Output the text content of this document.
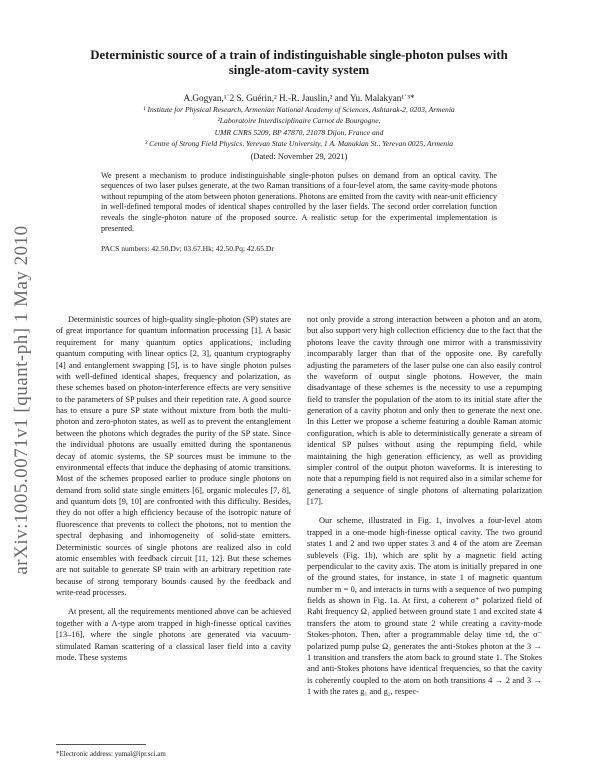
arXiv:1005.0071v1 [quant-ph] 1 May 2010
Deterministic source of a train of indistinguishable single-photon pulses with single-atom-cavity system
A.Gogyan,¹˙2 S. Guérin,² H.-R. Jauslin,² and Yu. Malakyan¹˙³*
¹ Institute for Physical Research, Armenian National Academy of Sciences, Ashtarak-2, 0203, Armenia
²Laboratoire Interdisciplinaire Carnot de Bourgogne,
UMR CNRS 5209, BP 47870, 21078 Dijon, France and
³ Centre of Strong Field Physics, Yerevan State University, 1 A. Manukian St., Yerevan 0025, Armenia
(Dated: November 29, 2021)
We present a mechanism to produce indistinguishable single-photon pulses on demand from an optical cavity. The sequences of two laser pulses generate, at the two Raman transitions of a four-level atom, the same cavity-mode photons without repumping of the atom between photon generations. Photons are emitted from the cavity with near-unit efficiency in well-defined temporal modes of identical shapes controlled by the laser fields. The second order correlation function reveals the single-photon nature of the proposed source. A realistic setup for the experimental implementation is presented.
PACS numbers: 42.50.Dv; 03.67.Hk; 42.50.Pq; 42.65.Dr

Deterministic sources of high-quality single-photon (SP) states are of great importance for quantum information processing [1]. A basic requirement for many quantum optics applications, including quantum computing with linear optics [2, 3], quantum cryptography [4] and entanglement swapping [5], is to have single photon pulses with well-defined identical shapes, frequency and polarization, as these schemes based on photon-interference effects are very sensitive to the parameters of SP pulses and their repetition rate. A good source has to ensure a pure SP state without mixture from both the multi-photon and zero-photon states, as well as to prevent the entanglement between the photons which degrades the purity of the SP state. Since the individual photons are usually emitted during the spontaneous decay of atomic systems, the SP sources must be immune to the environmental effects that induce the dephasing of atomic transitions. Most of the schemes proposed earlier to produce single photons on demand from solid state single emitters [6], organic molecules [7, 8], and quantum dots [9, 10] are confronted with this difficulty. Besides, they do not offer a high efficiency because of the isotropic nature of fluorescence that prevents to collect the photons, not to mention the spectral dephasing and inhomogeneity of solid-state emitters. Deterministic sources of single photons are realized also in cold atomic ensembles with feedback circuit [11, 12]. But these schemes are not suitable to generate SP train with an arbitrary repetition rate because of strong temporary bounds caused by the feedback and write-read processes.

At present, all the requirements mentioned above can be achieved together with a Λ-type atom trapped in high-finesse optical cavities [13–16], where the single photons are generated via vacuum-stimulated Raman scattering of a classical laser field into a cavity mode. These systems

not only provide a strong interaction between a photon and an atom, but also support very high collection efficiency due to the fact that the photons leave the cavity through one mirror with a transmissivity incomparably larger than that of the opposite one. By carefully adjusting the parameters of the laser pulse one can also easily control the waveform of output single photons. However, the main disadvantage of these schemes is the necessity to use a repumping field to transfer the population of the atom to its initial state after the generation of a cavity photon and only then to generate the next one. In this Letter we propose a scheme featuring a double Raman atomic configuration, which is able to deterministically generate a stream of identical SP pulses without using the repumping field, while maintaining the high generation efficiency, as well as providing simpler control of the output photon waveforms. It is interesting to note that a repumping field is not required also in a similar scheme for generating a sequence of single photons of alternating polarization [17].

Our scheme, illustrated in Fig. 1, involves a four-level atom trapped in a one-mode high-finesse optical cavity. The two ground states 1 and 2 and two upper states 3 and 4 of the atom are Zeeman sublevels (Fig. 1b), which are split by a magnetic field acting perpendicular to the cavity axis. The atom is initially prepared in one of the ground states, for instance, in state 1 of magnetic quantum number m = 0, and interacts in turns with a sequence of two pumping fields as shown in Fig. 1a. At first, a coherent σ⁺ polarized field of Rabi frequency Ω₁ applied between ground state 1 and excited state 4 transfers the atom to ground state 2 while creating a cavity-mode Stokes-photon. Then, after a programmable delay time τd, the σ⁻ polarized pump pulse Ω₂ generates the anti-Stokes photon at the 3 → 1 transition and transfers the atom back to ground state 1. The Stokes and anti-Stokes photons have identical frequencies, so that the cavity is coherently coupled to the atom on both transitions 4 → 2 and 3 → 1 with the rates g₁ and g₂, respec-

*Electronic address: yumal@ipr.sci.am
